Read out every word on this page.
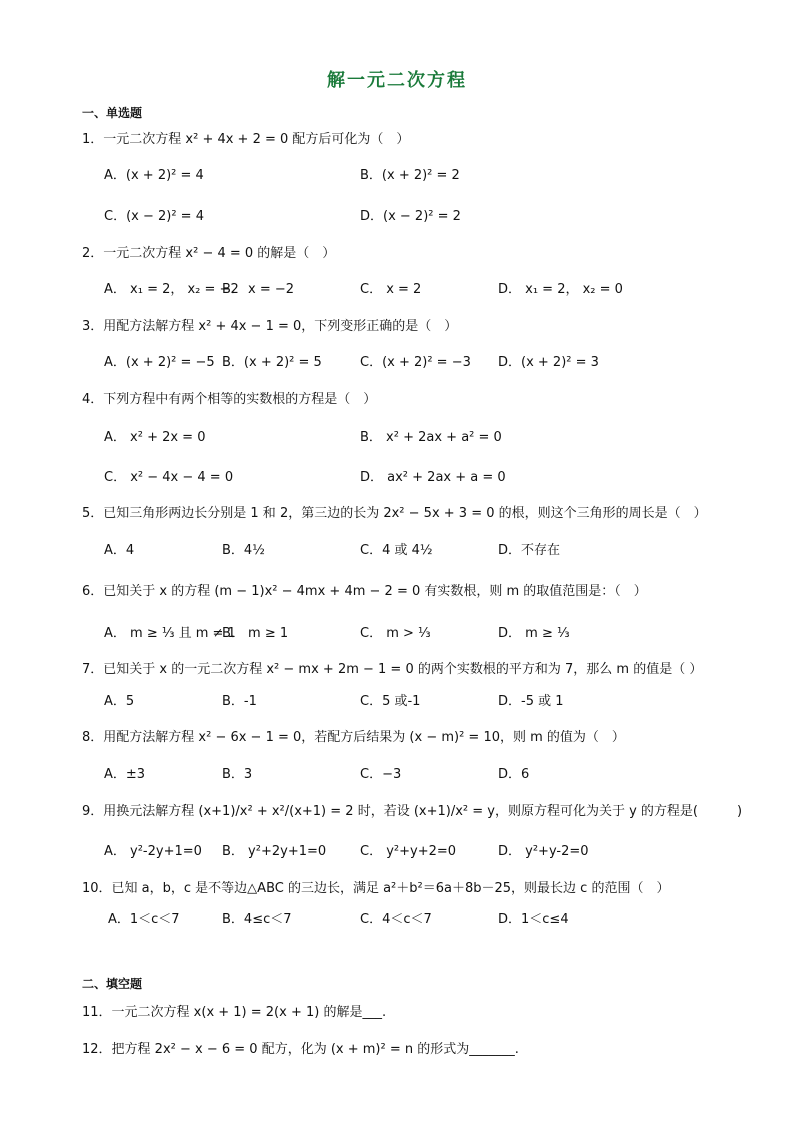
解一元二次方程
一、单选题
1．一元二次方程 x² + 4x + 2 = 0 配方后可化为（　）
A．(x + 2)² = 4	B．(x + 2)² = 2
C．(x − 2)² = 4	D．(x − 2)² = 2
2．一元二次方程 x² − 4 = 0 的解是（　）
A． x₁ = 2， x₂ = −2
B． x = −2	C． x = 2	D． x₁ = 2， x₂ = 0
3．用配方法解方程 x² + 4x − 1 = 0，下列变形正确的是（　）
A．(x + 2)² = −5 B．(x + 2)² = 5	C．(x + 2)² = −3 D．(x + 2)² = 3
4．下列方程中有两个相等的实数根的方程是（　）
A． x² + 2x = 0	B． x² + 2ax + a² = 0
C． x² − 4x − 4 = 0	D． ax² + 2ax + a = 0
5．已知三角形两边长分别是 1 和 2，第三边的长为 2x² − 5x + 3 = 0 的根，则这个三角形的周长是（　）
A．4	B．4½	C．4 或 4½	D．不存在
6．已知关于 x 的方程 (m − 1)x² − 4mx + 4m − 2 = 0 有实数根，则 m 的取值范围是：（　）
A． m ≥ ⅓ 且 m ≠ 1
B． m ≥ 1	C． m > ⅓	D． m ≥ ⅓
7．已知关于 x 的一元二次方程 x² − mx + 2m − 1 = 0 的两个实数根的平方和为 7，那么 m 的值是（ ）
A．5	B．-1	C．5 或-1	D．-5 或 1
8．用配方法解方程 x² − 6x − 1 = 0，若配方后结果为 (x − m)² = 10，则 m 的值为（　）
A．±3	B．3	C．−3	D．6
9．用换元法解方程 (x+1)/x² + x²/(x+1) = 2 时，若设 (x+1)/x² = y，则原方程可化为关于 y 的方程是(　　　)
A． y²-2y+1=0 B． y²+2y+1=0	C． y²+y+2=0	D． y²+y-2=0
10．已知 a，b，c 是不等边△ABC 的三边长，满足 a²＋b²＝6a＋8b－25，则最长边 c 的范围（　）
A．1＜c＜7	B．4≤c＜7	C．4＜c＜7	D．1＜c≤4
二、填空题
11．一元二次方程 x(x + 1) = 2(x + 1) 的解是___.
12．把方程 2x² − x − 6 = 0 配方，化为 (x + m)² = n 的形式为_______.
